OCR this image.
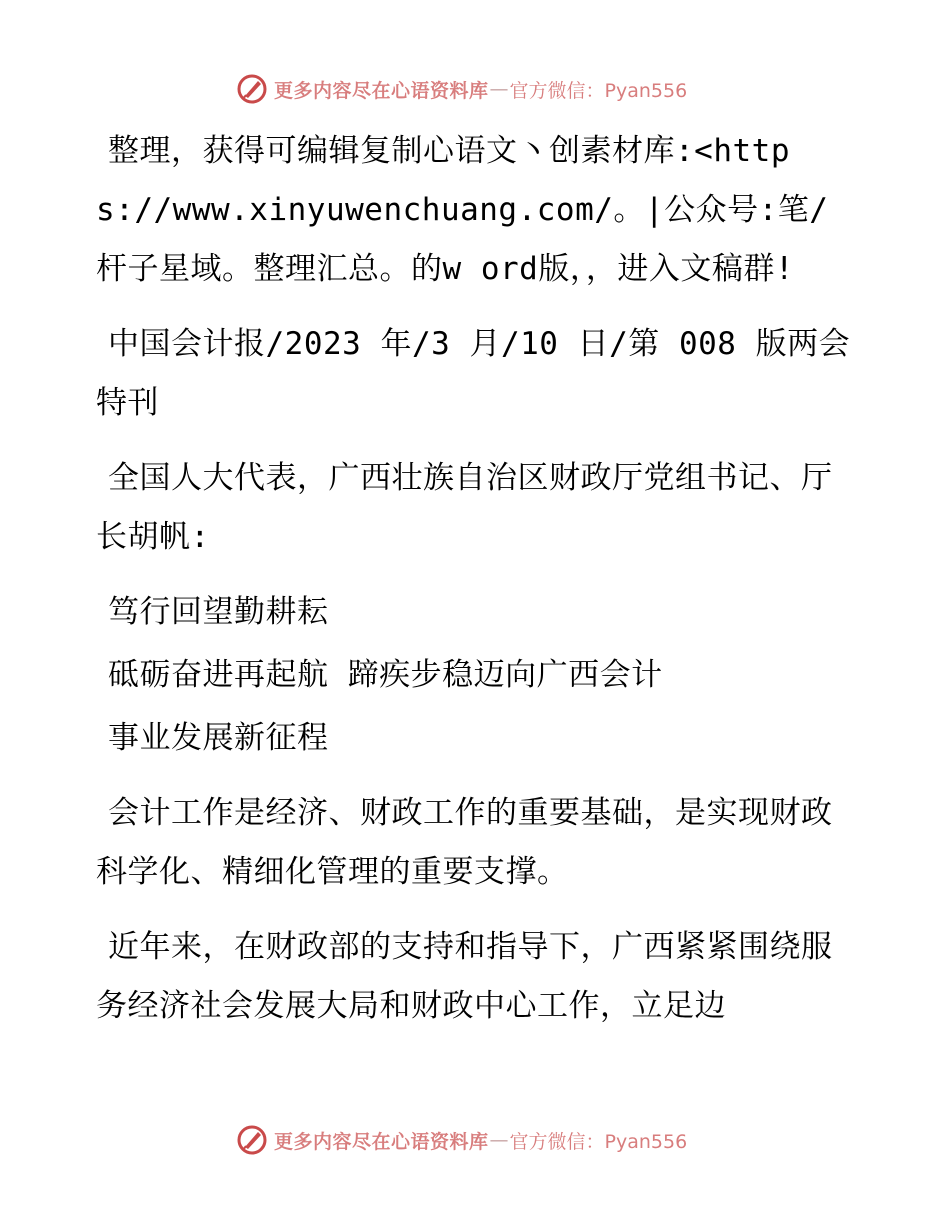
更多内容尽在心语资料库 — 官方微信：Pyan556

整理，获得可编辑复制心语文丶创素材库:<https://www.xinyuwenchuang.com/。|公众号:笔/杆子星域。整理汇总。的w ord版，，进入文稿群!

中国会计报/2023 年/3 月/10 日/第 008 版两会特刊

全国人大代表，广西壮族自治区财政厅党组书记、厅长胡帆:

笃行回望勤耕耘

砥砺奋进再起航 蹄疾步稳迈向广西会计

事业发展新征程

会计工作是经济、财政工作的重要基础，是实现财政科学化、精细化管理的重要支撑。

近年来，在财政部的支持和指导下，广西紧紧围绕服务经济社会发展大局和财政中心工作，立足边

更多内容尽在心语资料库 — 官方微信：Pyan556
